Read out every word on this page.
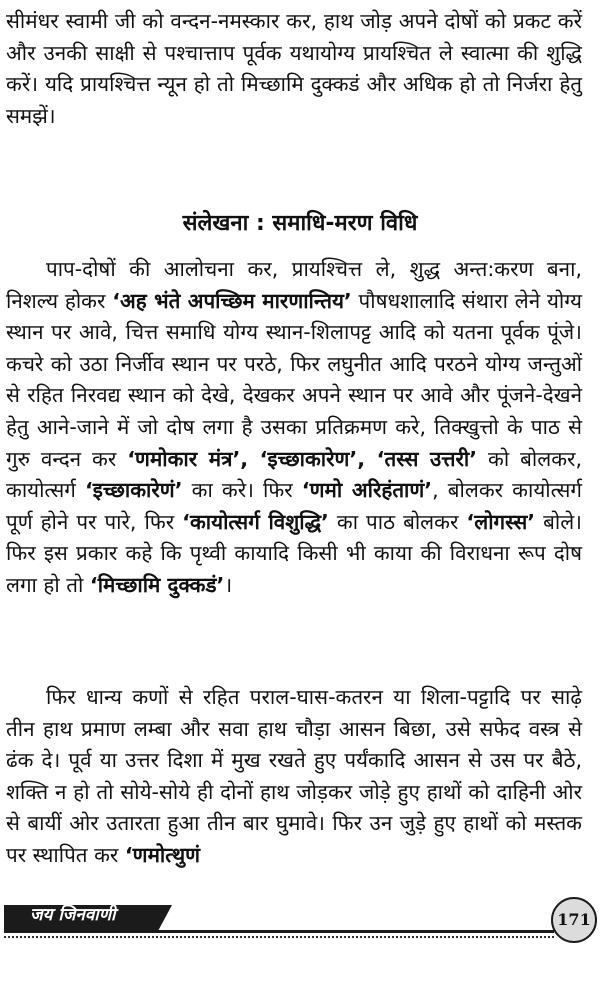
सीमंधर स्वामी जी को वन्दन-नमस्कार कर, हाथ जोड़ अपने दोषों को प्रकट करें और उनकी साक्षी से पश्चात्ताप पूर्वक यथायोग्य प्रायश्चित ले स्वात्मा की शुद्धि करें। यदि प्रायश्चित्त न्यून हो तो मिच्छामि दुक्कडं और अधिक हो तो निर्जरा हेतु समझें।

संलेखना : समाधि-मरण विधि

पाप-दोषों की आलोचना कर, प्रायश्चित्त ले, शुद्ध अन्त:करण बना, निशल्य होकर ‘अह भंते अपच्छिम मारणान्तिय’ पौषधशालादि संथारा लेने योग्य स्थान पर आवे, चित्त समाधि योग्य स्थान-शिलापट्ट आदि को यतना पूर्वक पूंजे। कचरे को उठा निर्जीव स्थान पर परठे, फिर लघुनीत आदि परठने योग्य जन्तुओं से रहित निरवद्य स्थान को देखे, देखकर अपने स्थान पर आवे और पूंजने-देखने हेतु आने-जाने में जो दोष लगा है उसका प्रतिक्रमण करे, तिक्खुत्तो के पाठ से गुरु वन्दन कर ‘णमोकार मंत्र’, ‘इच्छाकारेण’, ‘तस्स उत्तरी’ को बोलकर, कायोत्सर्ग ‘इच्छाकारेणं’ का करे। फिर ‘णमो अरिहंताणं’, बोलकर कायोत्सर्ग पूर्ण होने पर पारे, फिर ‘कायोत्सर्ग विशुद्धि’ का पाठ बोलकर ‘लोगस्स’ बोले। फिर इस प्रकार कहे कि पृथ्वी कायादि किसी भी काया की विराधना रूप दोष लगा हो तो ‘मिच्छामि दुक्कडं’।

फिर धान्य कणों से रहित पराल-घास-कतरन या शिला-पट्टादि पर साढ़े तीन हाथ प्रमाण लम्बा और सवा हाथ चौड़ा आसन बिछा, उसे सफेद वस्त्र से ढंक दे। पूर्व या उत्तर दिशा में मुख रखते हुए पर्यंकादि आसन से उस पर बैठे, शक्ति न हो तो सोये-सोये ही दोनों हाथ जोड़कर जोड़े हुए हाथों को दाहिनी ओर से बायीं ओर उतारता हुआ तीन बार घुमावे। फिर उन जुड़े हुए हाथों को मस्तक पर स्थापित कर ‘णमोत्थुणं

जय जिनवाणी	171
